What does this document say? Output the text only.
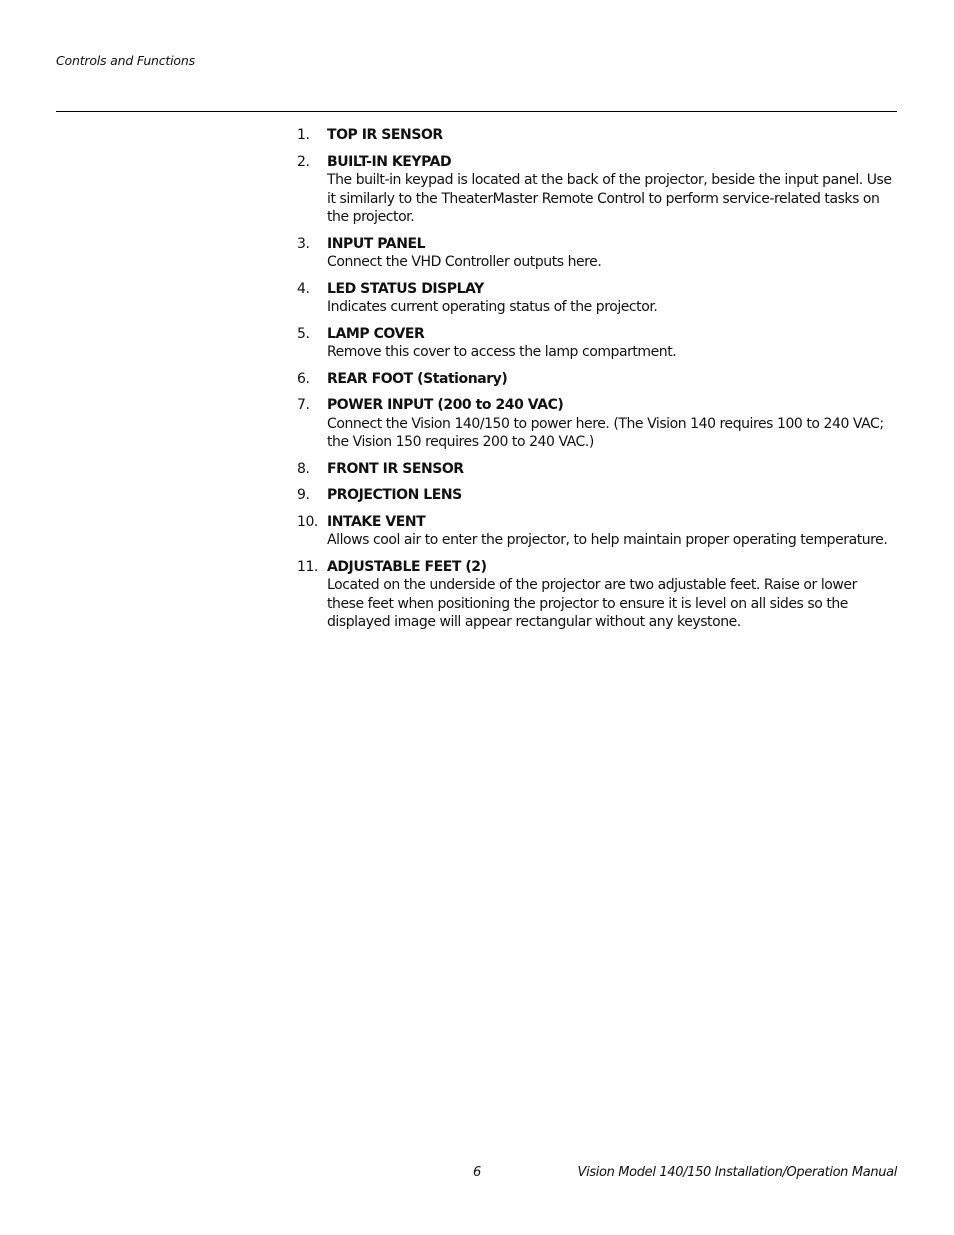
Controls and Functions
1. TOP IR SENSOR
2. BUILT-IN KEYPAD
The built-in keypad is located at the back of the projector, beside the input panel. Use it similarly to the TheaterMaster Remote Control to perform service-related tasks on the projector.
3. INPUT PANEL
Connect the VHD Controller outputs here.
4. LED STATUS DISPLAY
Indicates current operating status of the projector.
5. LAMP COVER
Remove this cover to access the lamp compartment.
6. REAR FOOT (Stationary)
7. POWER INPUT (200 to 240 VAC)
Connect the Vision 140/150 to power here. (The Vision 140 requires 100 to 240 VAC; the Vision 150 requires 200 to 240 VAC.)
8. FRONT IR SENSOR
9. PROJECTION LENS
10. INTAKE VENT
Allows cool air to enter the projector, to help maintain proper operating temperature.
11. ADJUSTABLE FEET (2)
Located on the underside of the projector are two adjustable feet. Raise or lower these feet when positioning the projector to ensure it is level on all sides so the displayed image will appear rectangular without any keystone.
6	Vision Model 140/150 Installation/Operation Manual
